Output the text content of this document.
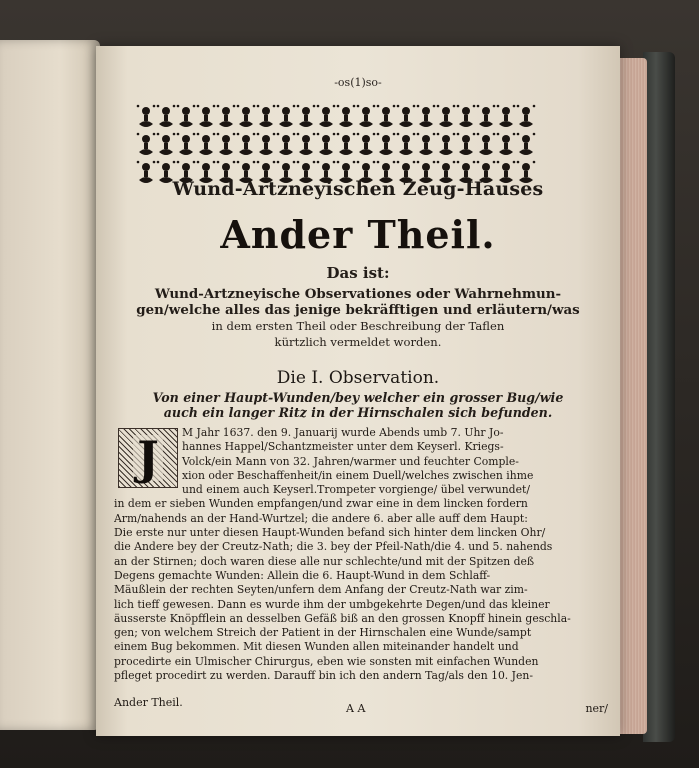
-os(1)so-
Wund-Artzneyischen Zeug-Hauses
Ander Theil.
Das ist:
Wund-Artzneyische Observationes oder Wahrnehmun-
gen/welche alles das jenige bekräfftigen und erläutern/was
in dem ersten Theil oder Beschreibung der Taflen
kürtzlich vermeldet worden.
Die I. Observation.
Von einer Haupt-Wunden/bey welcher ein grosser Bug/wie
auch ein langer Ritz in der Hirnschalen sich befunden.
M Jahr 1637. den 9. Januarij wurde Abends umb 7. Uhr Jo-
hannes Happel/Schantzmeister unter dem Keyserl. Kriegs-
Volck/ein Mann von 32. Jahren/warmer und feuchter Comple-
xion oder Beschaffenheit/in einem Duell/welches zwischen ihme
und einem auch Keyserl.Trompeter vorgienge/ übel verwundet/
in dem er sieben Wunden empfangen/und zwar eine in dem lincken fordern
Arm/nahends an der Hand-Wurtzel; die andere 6. aber alle auff dem Haupt:
Die erste nur unter diesen Haupt-Wunden befand sich hinter dem lincken Ohr/
die Andere bey der Creutz-Nath; die 3. bey der Pfeil-Nath/die 4. und 5. nahends
an der Stirnen; doch waren diese alle nur schlechte/und mit der Spitzen deß
Degens gemachte Wunden: Allein die 6. Haupt-Wund in dem Schlaff-
Mäußlein der rechten Seyten/unfern dem Anfang der Creutz-Nath war zim-
lich tieff gewesen. Dann es wurde ihm der umbgekehrte Degen/und das kleiner
äusserste Knöpfflein an desselben Gefäß biß an den grossen Knopff hinein geschla-
gen; von welchem Streich der Patient in der Hirnschalen eine Wunde/sampt
einem Bug bekommen. Mit diesen Wunden allen miteinander handelt und
procedirte ein Ulmischer Chirurgus, eben wie sonsten mit einfachen Wunden
pfleget procedirt zu werden. Darauff bin ich den andern Tag/als den 10. Jen-
J
Ander Theil.	A A	ner/
